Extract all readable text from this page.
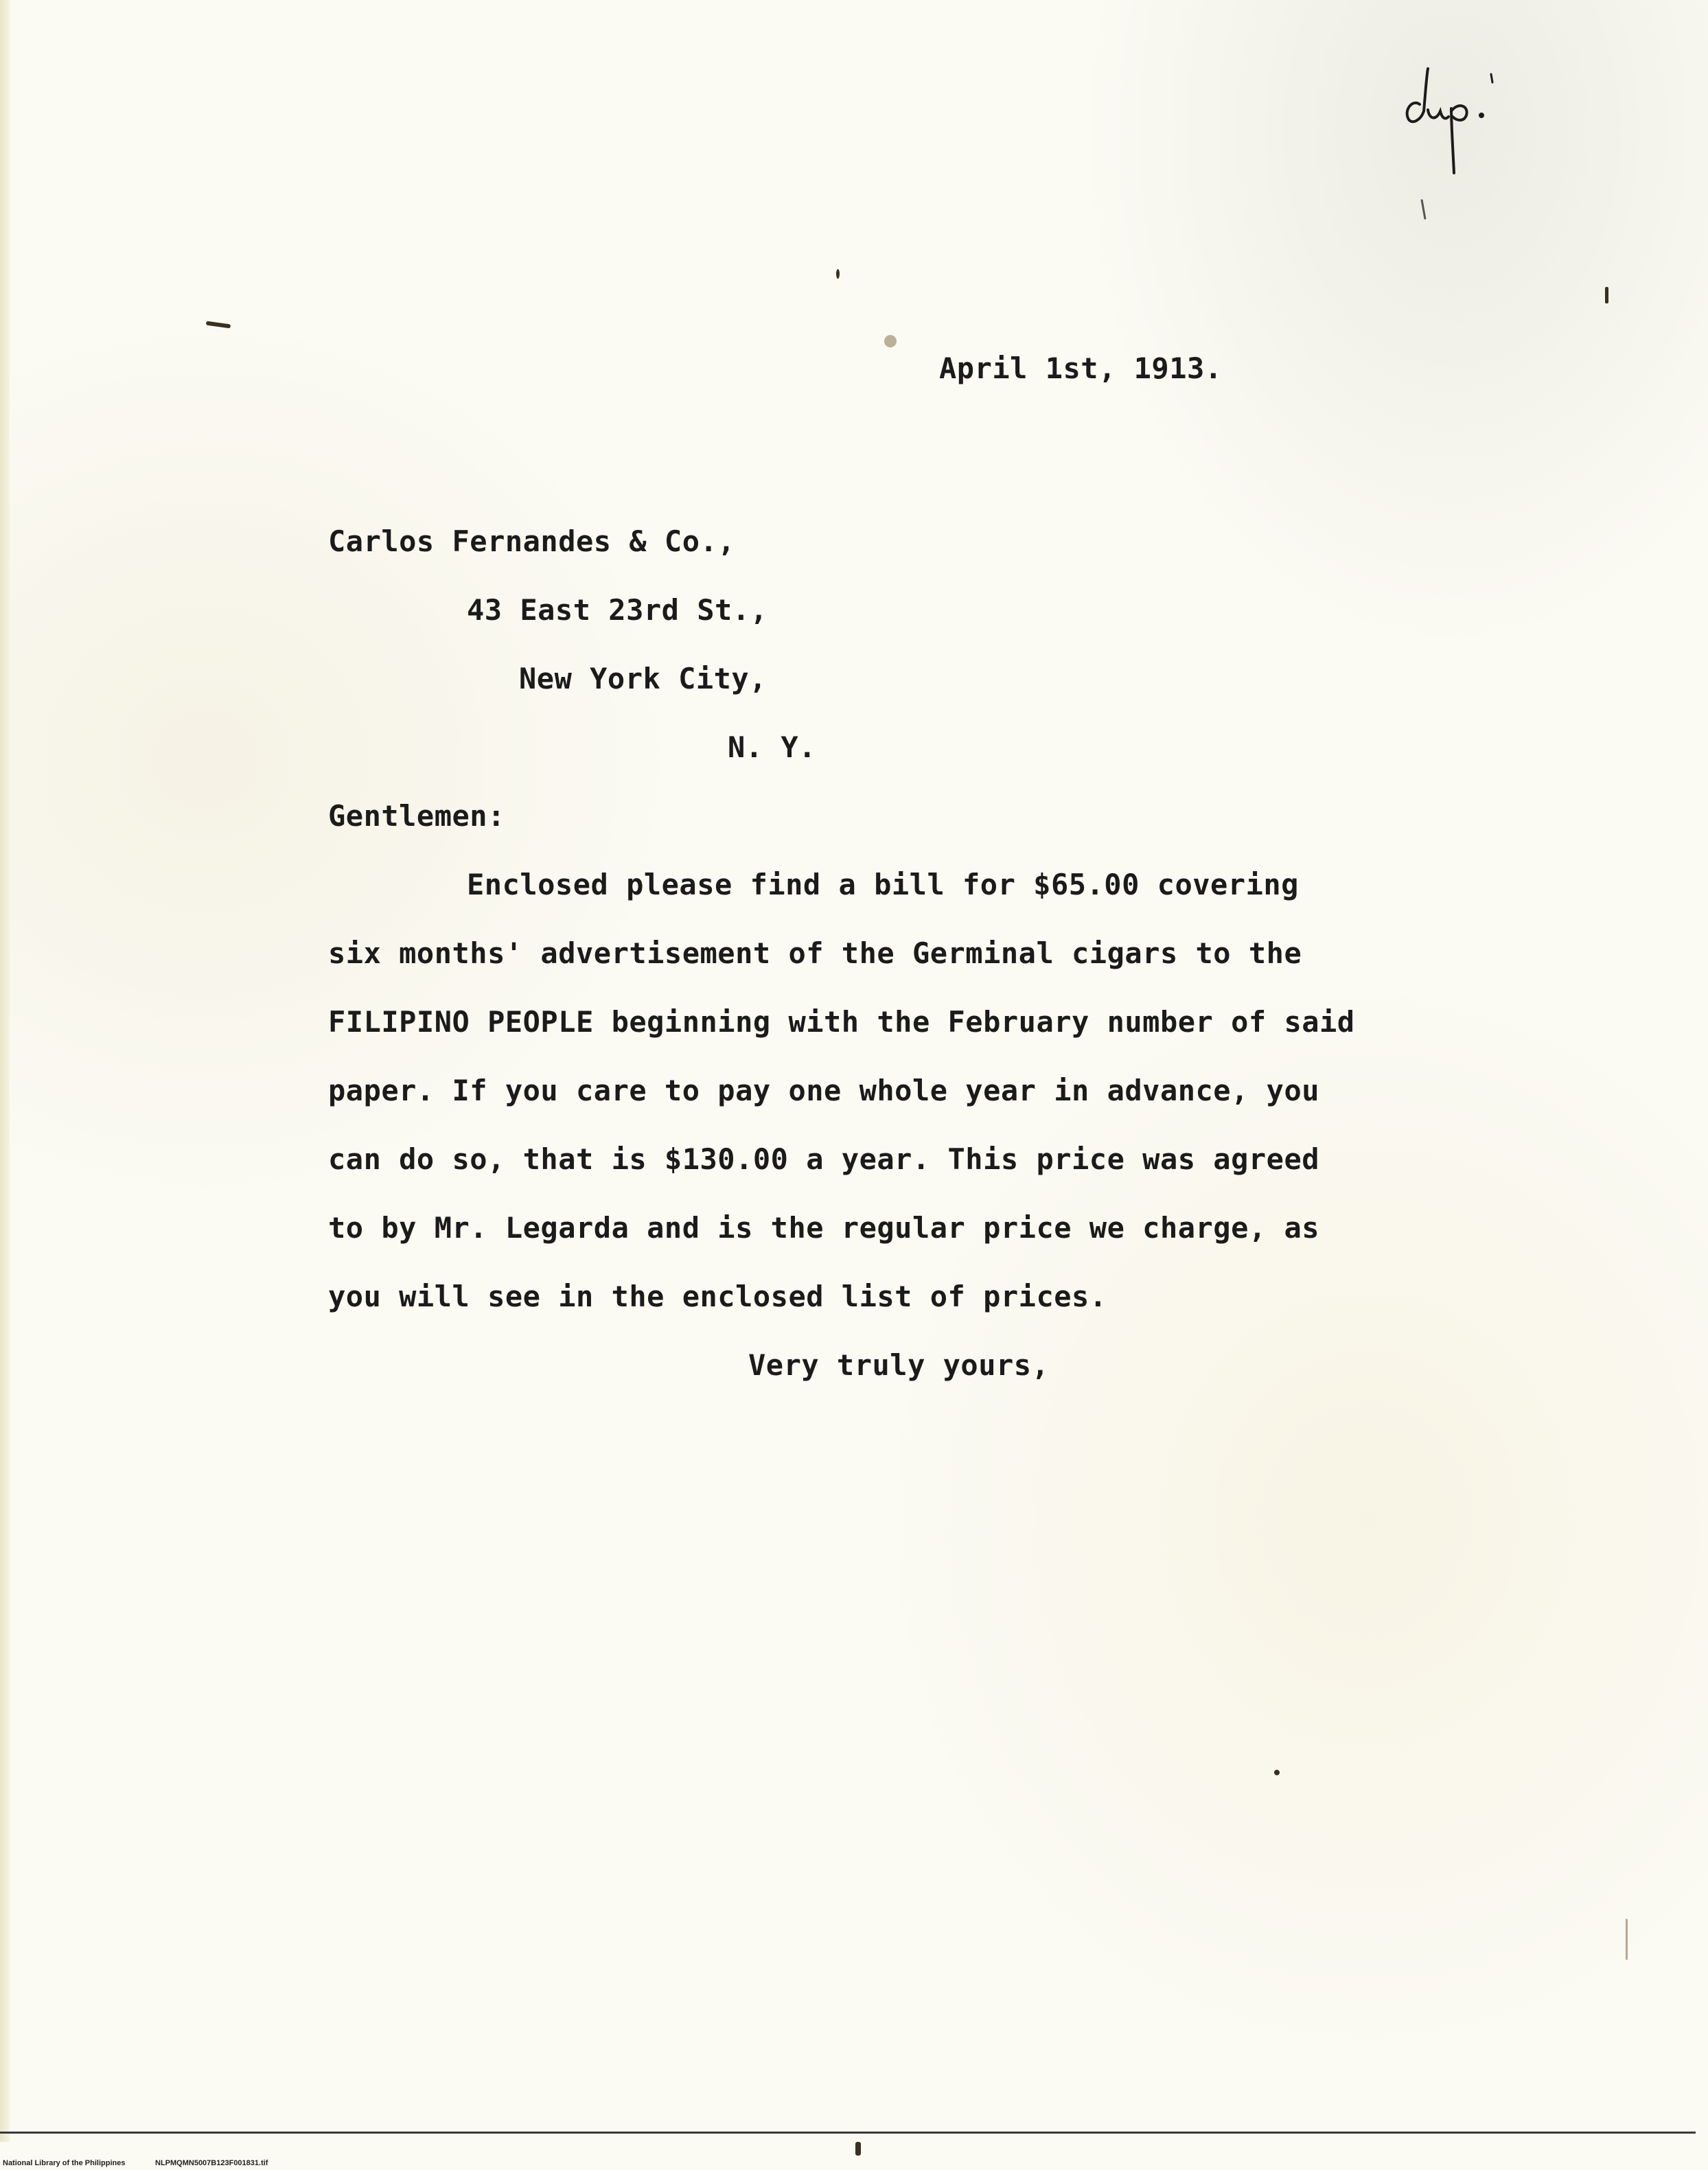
April 1st, 1913.
Carlos Fernandes & Co.,
43 East 23rd St.,
New York City,
N. Y.
Gentlemen:
Enclosed please find a bill for $65.00 covering
six months' advertisement of the Germinal cigars to the
FILIPINO PEOPLE beginning with the February number of said
paper. If you care to pay one whole year in advance, you
can do so, that is $130.00 a year. This price was agreed
to by Mr. Legarda and is the regular price we charge, as
you will see in the enclosed list of prices.
Very truly yours,
National Library of the Philippines	NLPMQMN5007B123F001831.tif
